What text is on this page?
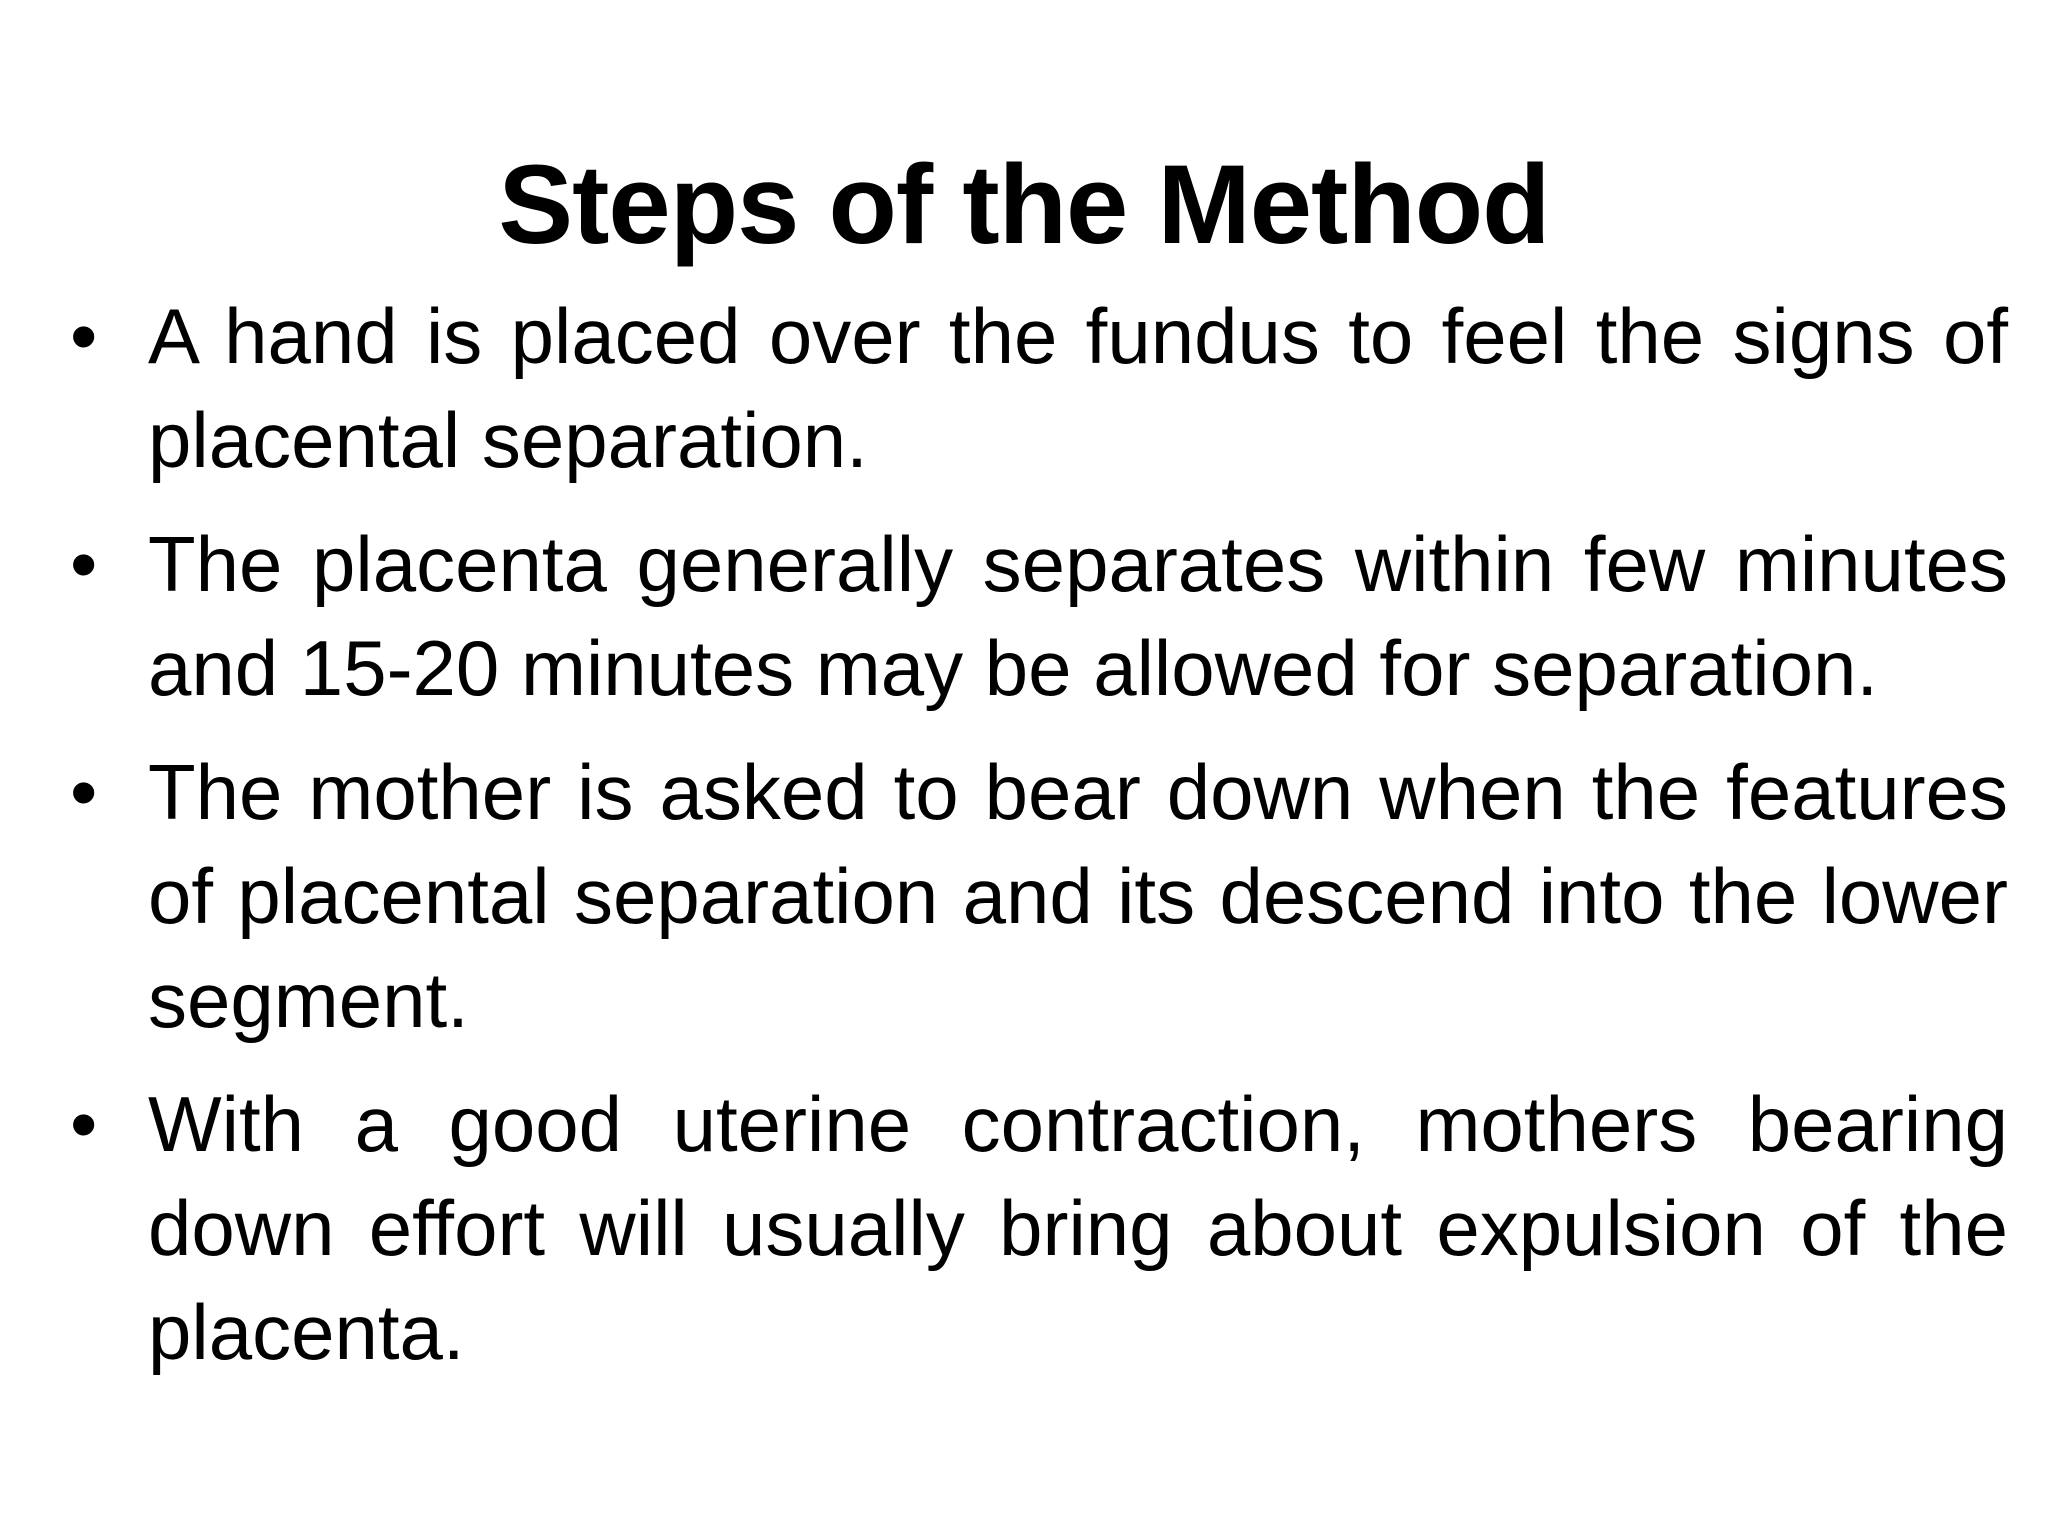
Steps of the Method
• A hand is placed over the fundus to feel the signs of placental separation.
• The placenta generally separates within few minutes and 15-20 minutes may be allowed for separation.
• The mother is asked to bear down when the features of placental separation and its descend into the lower segment.
• With a good uterine contraction, mothers bearing down effort will usually bring about expulsion of the placenta.
